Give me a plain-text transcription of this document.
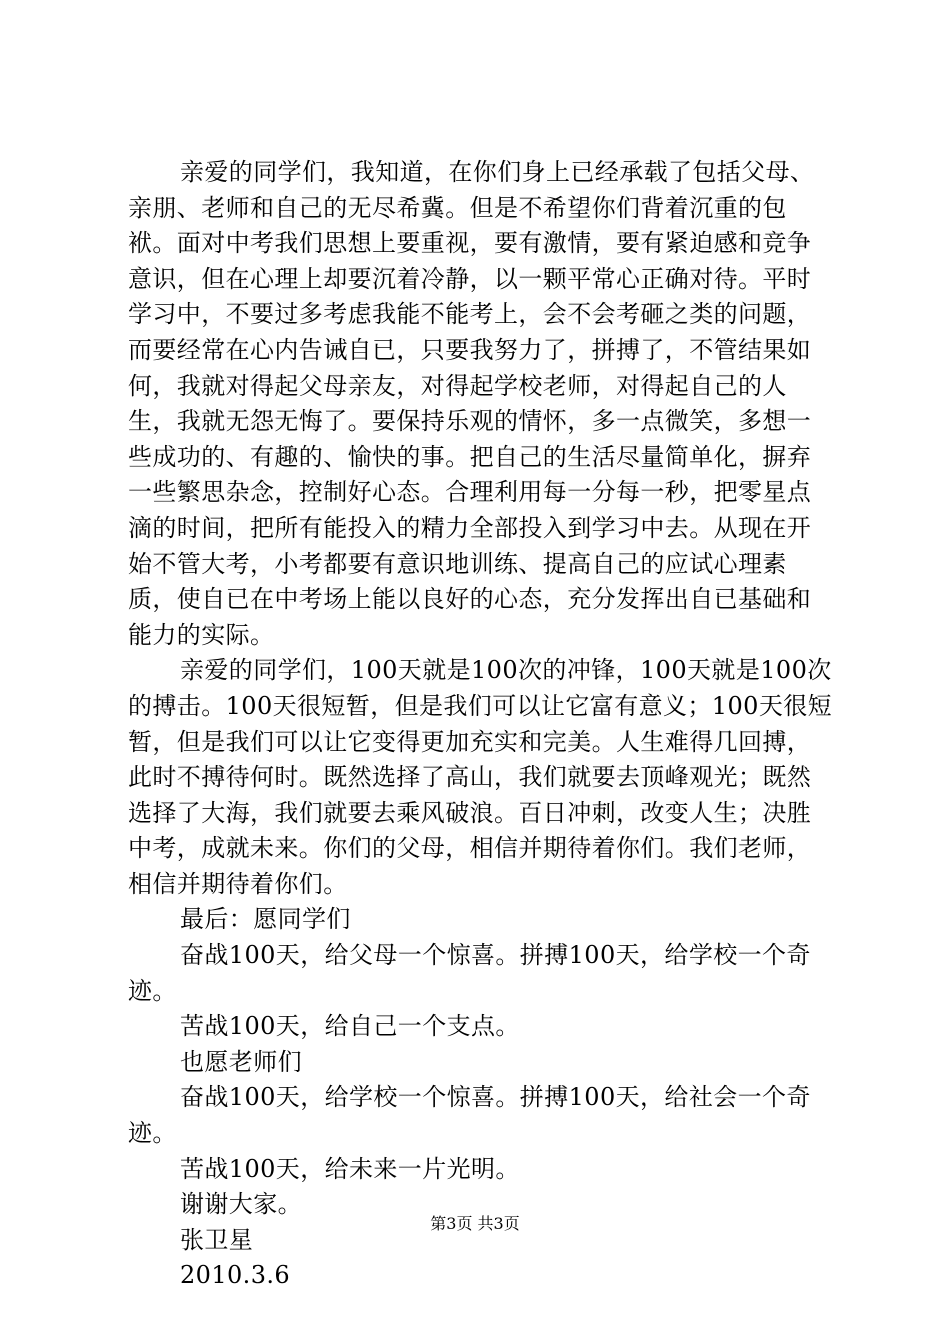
亲爱的同学们，我知道，在你们身上已经承载了包括父母、亲朋、老师和自己的无尽希冀。但是不希望你们背着沉重的包袱。面对中考我们思想上要重视，要有激情，要有紧迫感和竞争意识，但在心理上却要沉着冷静，以一颗平常心正确对待。平时学习中，不要过多考虑我能不能考上，会不会考砸之类的问题，而要经常在心内告诫自已，只要我努力了，拼搏了，不管结果如何，我就对得起父母亲友，对得起学校老师，对得起自己的人生，我就无怨无悔了。要保持乐观的情怀，多一点微笑，多想一些成功的、有趣的、愉快的事。把自己的生活尽量简单化，摒弃一些繁思杂念，控制好心态。合理利用每一分每一秒，把零星点滴的时间，把所有能投入的精力全部投入到学习中去。从现在开始不管大考，小考都要有意识地训练、提高自己的应试心理素质，使自已在中考场上能以良好的心态，充分发挥出自已基础和能力的实际。

亲爱的同学们，100天就是100次的冲锋，100天就是100次的搏击。100天很短暂，但是我们可以让它富有意义；100天很短暂，但是我们可以让它变得更加充实和完美。人生难得几回搏，此时不搏待何时。既然选择了高山，我们就要去顶峰观光；既然选择了大海，我们就要去乘风破浪。百日冲刺，改变人生；决胜中考，成就未来。你们的父母，相信并期待着你们。我们老师，相信并期待着你们。

最后：愿同学们

奋战100天，给父母一个惊喜。拼搏100天，给学校一个奇迹。

苦战100天，给自己一个支点。

也愿老师们

奋战100天，给学校一个惊喜。拼搏100天，给社会一个奇迹。

苦战100天，给未来一片光明。

谢谢大家。

张卫星

2010.3.6

第3页 共3页
